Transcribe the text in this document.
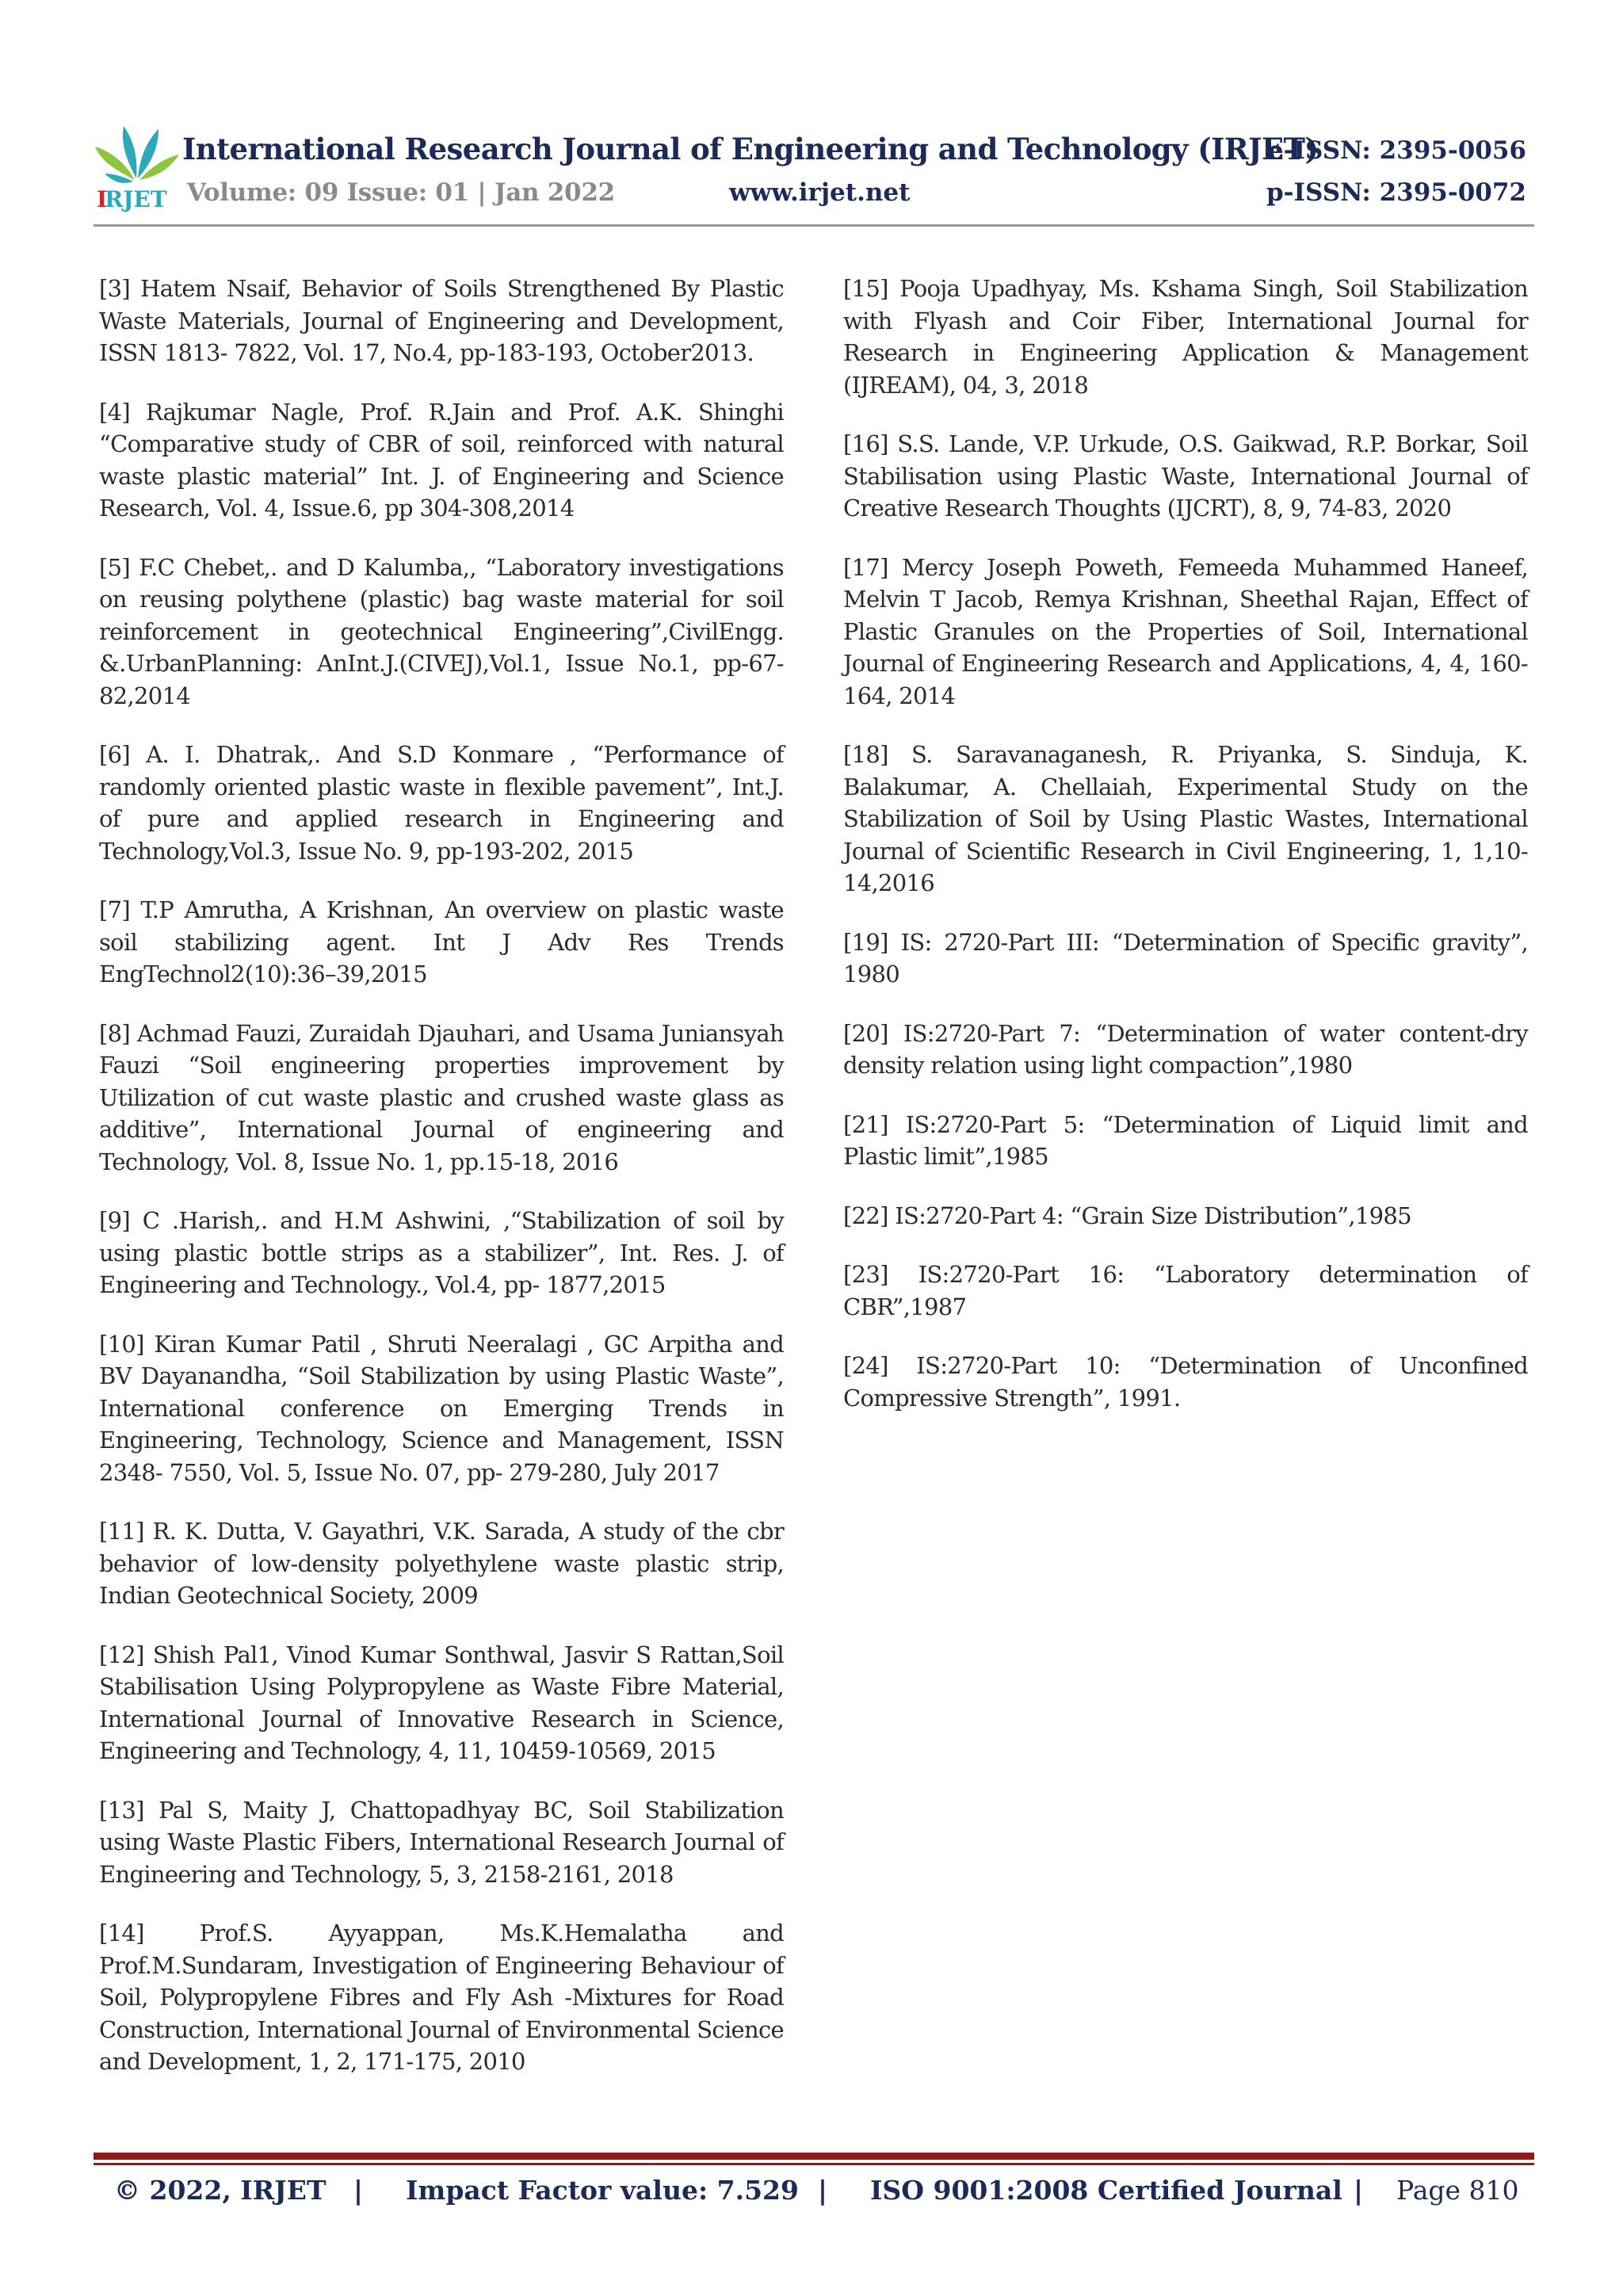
I
RJET
International Research Journal of Engineering and Technology (IRJET)
Volume: 09 Issue: 01 | Jan 2022	www.irjet.net
e-ISSN: 2395-0056
p-ISSN: 2395-0072

[3] Hatem Nsaif, Behavior of Soils Strengthened By Plastic Waste Materials, Journal of Engineering and Development, ISSN 1813- 7822, Vol. 17, No.4, pp-183-193, October2013.

[4] Rajkumar Nagle, Prof. R.Jain and Prof. A.K. Shinghi “Comparative study of CBR of soil, reinforced with natural waste plastic material” Int. J. of Engineering and Science Research, Vol. 4, Issue.6, pp 304-308,2014

[5] F.C Chebet,. and D Kalumba,, “Laboratory investigations on reusing polythene (plastic) bag waste material for soil reinforcement in geotechnical Engineering”,CivilEngg. &.UrbanPlanning: AnInt.J.(CIVEJ),Vol.1, Issue No.1, pp-67-82,2014

[6] A. I. Dhatrak,. And S.D Konmare , “Performance of randomly oriented plastic waste in flexible pavement”, Int.J. of pure and applied research in Engineering and Technology,Vol.3, Issue No. 9, pp-193-202, 2015

[7] T.P Amrutha, A Krishnan, An overview on plastic waste soil stabilizing agent. Int J Adv Res Trends EngTechnol2(10):36–39,2015

[8] Achmad Fauzi, Zuraidah Djauhari, and Usama Juniansyah Fauzi “Soil engineering properties improvement by Utilization of cut waste plastic and crushed waste glass as additive”, International Journal of engineering and Technology, Vol. 8, Issue No. 1, pp.15-18, 2016

[9] C .Harish,. and H.M Ashwini, ,“Stabilization of soil by using plastic bottle strips as a stabilizer”, Int. Res. J. of Engineering and Technology., Vol.4, pp- 1877,2015

[10] Kiran Kumar Patil , Shruti Neeralagi , GC Arpitha and BV Dayanandha, “Soil Stabilization by using Plastic Waste”, International conference on Emerging Trends in Engineering, Technology, Science and Management, ISSN 2348- 7550, Vol. 5, Issue No. 07, pp- 279-280, July 2017

[11] R. K. Dutta, V. Gayathri, V.K. Sarada, A study of the cbr behavior of low-density polyethylene waste plastic strip, Indian Geotechnical Society, 2009

[12] Shish Pal1, Vinod Kumar Sonthwal, Jasvir S Rattan,Soil Stabilisation Using Polypropylene as Waste Fibre Material, International Journal of Innovative Research in Science, Engineering and Technology, 4, 11, 10459-10569, 2015

[13] Pal S, Maity J, Chattopadhyay BC, Soil Stabilization using Waste Plastic Fibers, International Research Journal of Engineering and Technology, 5, 3, 2158-2161, 2018

[14] Prof.S. Ayyappan, Ms.K.Hemalatha and Prof.M.Sundaram, Investigation of Engineering Behaviour of Soil, Polypropylene Fibres and Fly Ash -Mixtures for Road Construction, International Journal of Environmental Science and Development, 1, 2, 171-175, 2010

[15] Pooja Upadhyay, Ms. Kshama Singh, Soil Stabilization with Flyash and Coir Fiber, International Journal for Research in Engineering Application & Management (IJREAM), 04, 3, 2018

[16] S.S. Lande, V.P. Urkude, O.S. Gaikwad, R.P. Borkar, Soil Stabilisation using Plastic Waste, International Journal of Creative Research Thoughts (IJCRT), 8, 9, 74-83, 2020

[17] Mercy Joseph Poweth, Femeeda Muhammed Haneef, Melvin T Jacob, Remya Krishnan, Sheethal Rajan, Effect of Plastic Granules on the Properties of Soil, International Journal of Engineering Research and Applications, 4, 4, 160-164, 2014

[18] S. Saravanaganesh, R. Priyanka, S. Sinduja, K. Balakumar, A. Chellaiah, Experimental Study on the Stabilization of Soil by Using Plastic Wastes, International Journal of Scientific Research in Civil Engineering, 1, 1,10-14,2016

[19] IS: 2720-Part III: “Determination of Specific gravity”, 1980

[20] IS:2720-Part 7: “Determination of water content-dry density relation using light compaction”,1980

[21] IS:2720-Part 5: “Determination of Liquid limit and Plastic limit”,1985

[22] IS:2720-Part 4: “Grain Size Distribution”,1985

[23] IS:2720-Part 16: “Laboratory determination of CBR”,1987

[24] IS:2720-Part 10: “Determination of Unconfined Compressive Strength”, 1991.

© 2022, IRJET | Impact Factor value: 7.529 | ISO 9001:2008 Certified Journal | Page 810
